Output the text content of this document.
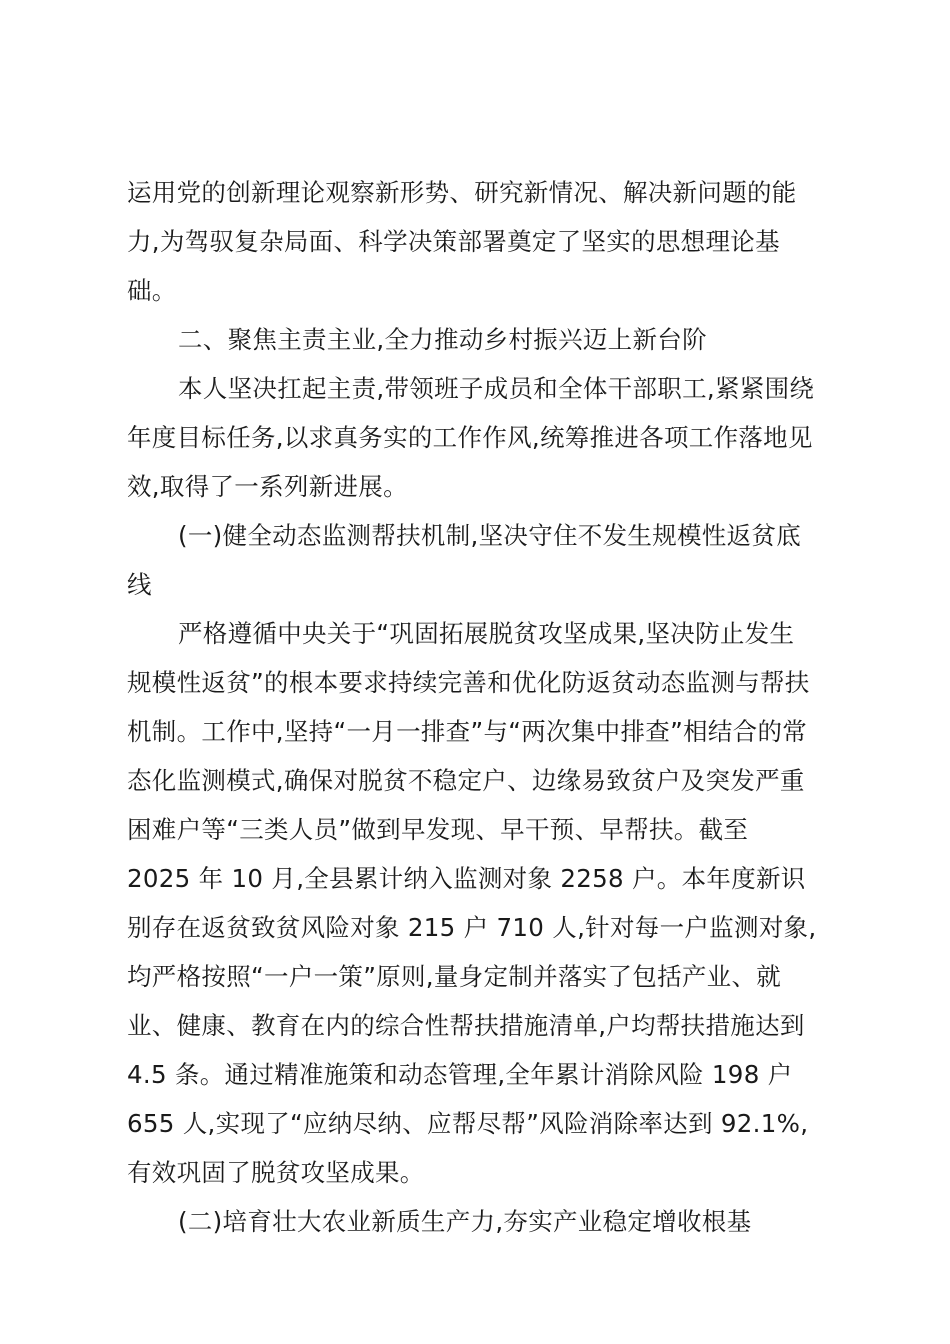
运用党的创新理论观察新形势、研究新情况、解决新问题的能
力,为驾驭复杂局面、科学决策部署奠定了坚实的思想理论基
础。
二、聚焦主责主业,全力推动乡村振兴迈上新台阶
本人坚决扛起主责,带领班子成员和全体干部职工,紧紧围绕
年度目标任务,以求真务实的工作作风,统筹推进各项工作落地见
效,取得了一系列新进展。
(一)健全动态监测帮扶机制,坚决守住不发生规模性返贫底
线
严格遵循中央关于“巩固拓展脱贫攻坚成果,坚决防止发生
规模性返贫”的根本要求持续完善和优化防返贫动态监测与帮扶
机制。工作中,坚持“一月一排查”与“两次集中排查”相结合的常
态化监测模式,确保对脱贫不稳定户、边缘易致贫户及突发严重
困难户等“三类人员”做到早发现、早干预、早帮扶。截至
2025 年 10 月,全县累计纳入监测对象 2258 户。本年度新识
别存在返贫致贫风险对象 215 户 710 人,针对每一户监测对象,
均严格按照“一户一策”原则,量身定制并落实了包括产业、就
业、健康、教育在内的综合性帮扶措施清单,户均帮扶措施达到
4.5 条。通过精准施策和动态管理,全年累计消除风险 198 户
655 人,实现了“应纳尽纳、应帮尽帮”风险消除率达到 92.1%,
有效巩固了脱贫攻坚成果。
(二)培育壮大农业新质生产力,夯实产业稳定增收根基
